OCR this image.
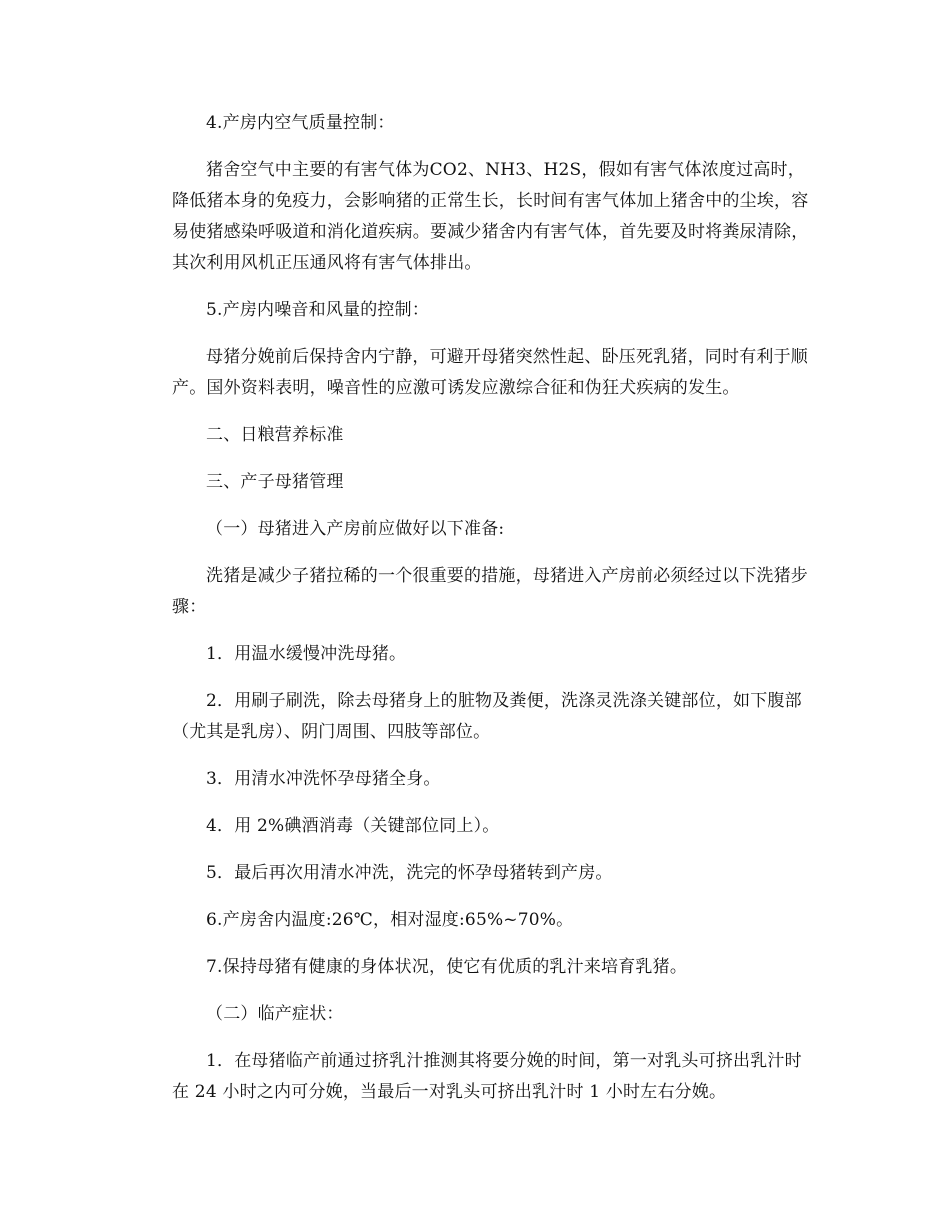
4.产房内空气质量控制：

猪舍空气中主要的有害气体为CO2、NH3、H2S，假如有害气体浓度过高时，降低猪本身的免疫力，会影响猪的正常生长，长时间有害气体加上猪舍中的尘埃，容易使猪感染呼吸道和消化道疾病。要减少猪舍内有害气体，首先要及时将粪尿清除，其次利用风机正压通风将有害气体排出。

5.产房内噪音和风量的控制：

母猪分娩前后保持舍内宁静，可避开母猪突然性起、卧压死乳猪，同时有利于顺产。国外资料表明，噪音性的应激可诱发应激综合征和伪狂犬疾病的发生。

二、日粮营养标准

三、产子母猪管理

（一）母猪进入产房前应做好以下准备:

洗猪是减少子猪拉稀的一个很重要的措施，母猪进入产房前必须经过以下洗猪步骤：

1．用温水缓慢冲洗母猪。

2．用刷子刷洗，除去母猪身上的脏物及粪便，洗涤灵洗涤关键部位，如下腹部（尤其是乳房）、阴门周围、四肢等部位。

3．用清水冲洗怀孕母猪全身。

4．用 2%碘酒消毒（关键部位同上）。

5．最后再次用清水冲洗，洗完的怀孕母猪转到产房。

6.产房舍内温度:26℃，相对湿度:65%~70%。

7.保持母猪有健康的身体状况，使它有优质的乳汁来培育乳猪。

（二）临产症状：

1．在母猪临产前通过挤乳汁推测其将要分娩的时间，第一对乳头可挤出乳汁时在 24 小时之内可分娩，当最后一对乳头可挤出乳汁时 1 小时左右分娩。
